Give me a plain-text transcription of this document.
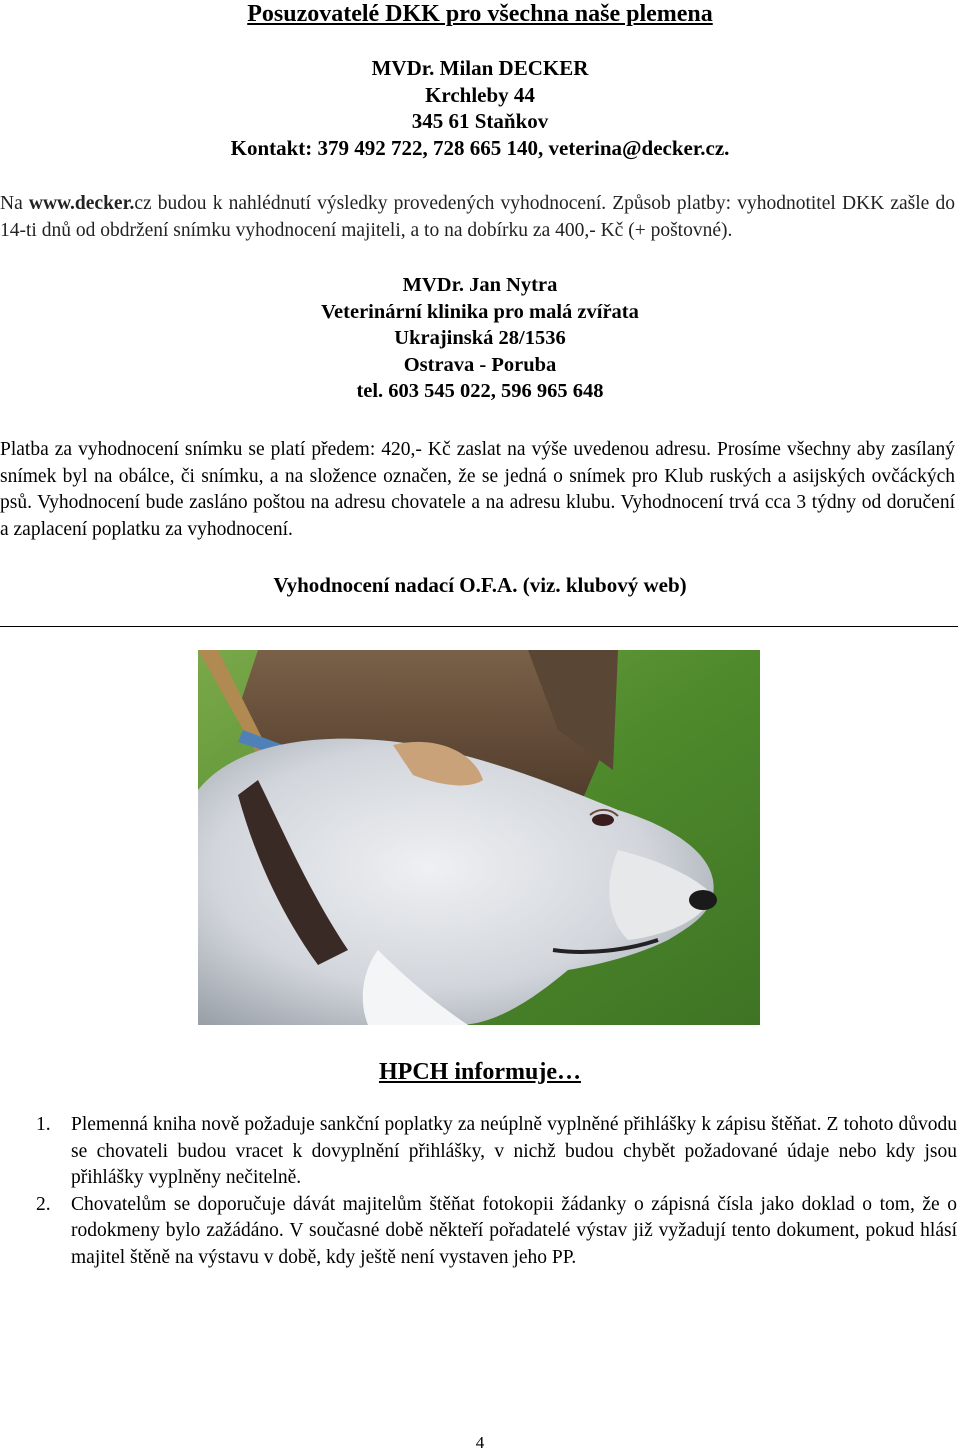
Posuzovatelé DKK pro všechna naše plemena
MVDr. Milan DECKER
Krchleby 44
345 61 Staňkov
Kontakt: 379 492 722, 728 665 140, veterina@decker.cz.

Na www.decker.cz budou k nahlédnutí výsledky provedených vyhodnocení. Způsob platby: vyhodnotitel DKK zašle do 14-ti dnů od obdržení snímku vyhodnocení majiteli, a to na dobírku za 400,- Kč (+ poštovné).

MVDr. Jan Nytra
Veterinární klinika pro malá zvířata
Ukrajinská 28/1536
Ostrava - Poruba
tel. 603 545 022, 596 965 648

Platba za vyhodnocení snímku se platí předem: 420,- Kč zaslat na výše uvedenou adresu. Prosíme všechny aby zasílaný snímek byl na obálce, či snímku, a na složence označen, že se jedná o snímek pro Klub ruských a asijských ovčáckých psů. Vyhodnocení bude zasláno poštou na adresu chovatele a na adresu klubu. Vyhodnocení trvá cca 3 týdny od doručení a zaplacení poplatku za vyhodnocení.

Vyhodnocení nadací O.F.A. (viz. klubový web)
HPCH informuje…
1. Plemenná kniha nově požaduje sankční poplatky za neúplně vyplněné přihlášky k zápisu štěňat. Z tohoto důvodu se chovateli budou vracet k dovyplnění přihlášky, v nichž budou chybět požadované údaje nebo kdy jsou přihlášky vyplněny nečitelně.
2. Chovatelům se doporučuje dávát majitelům štěňat fotokopii žádanky o zápisná čísla jako doklad o tom, že o rodokmeny bylo zažádáno. V současné době někteří pořadatelé výstav již vyžadují tento dokument, pokud hlásí majitel štěně na výstavu v době, kdy ještě není vystaven jeho PP.
4
